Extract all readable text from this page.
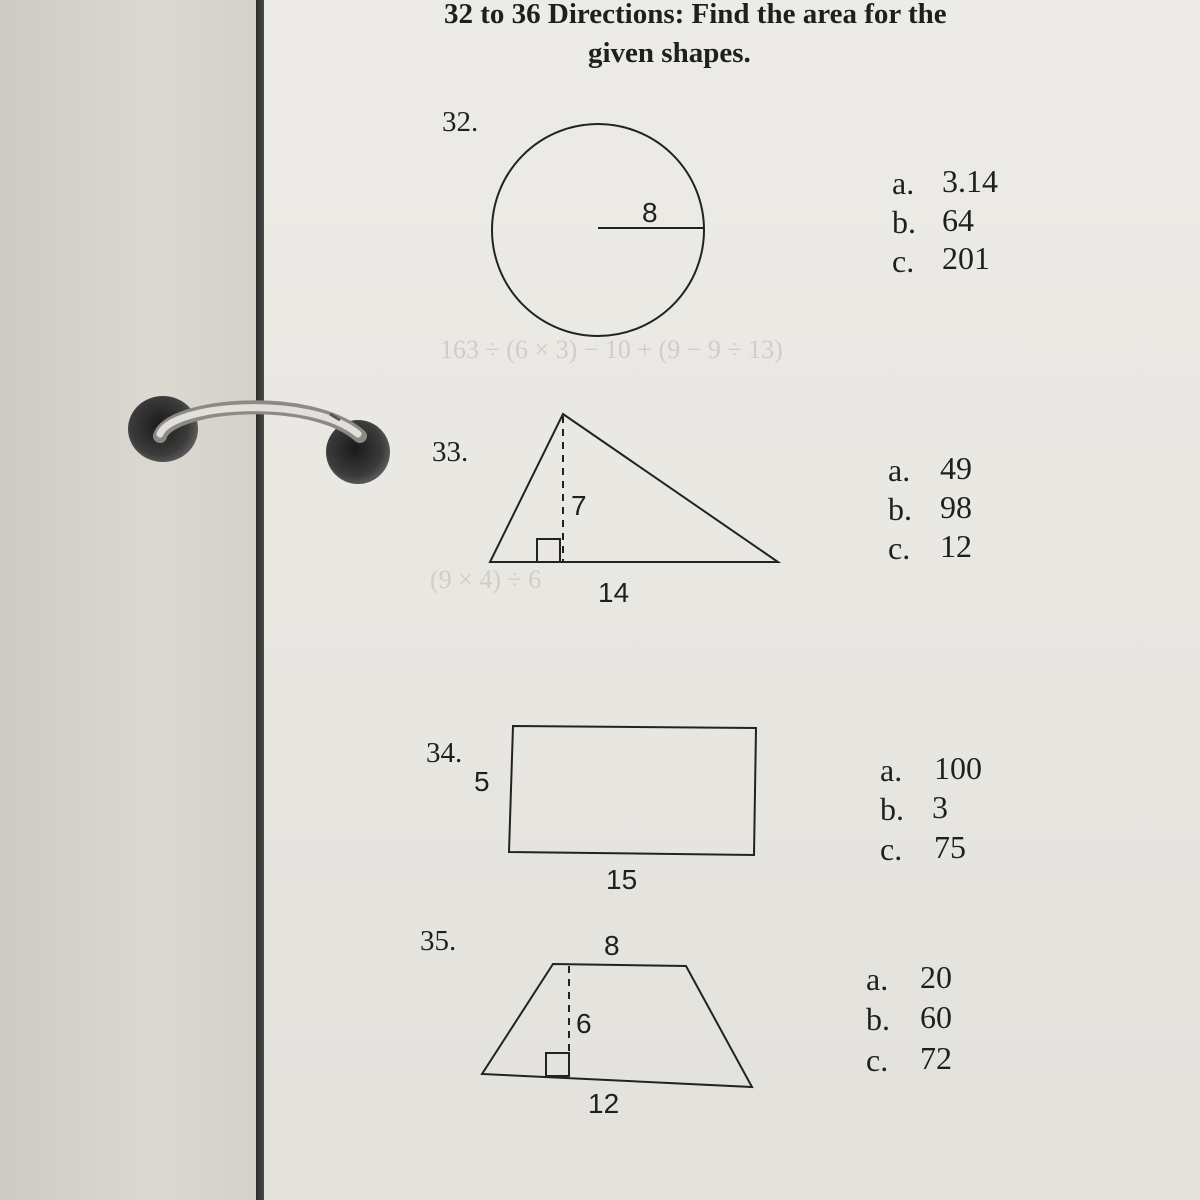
163 ÷ (6 × 3) − 10 + (9 − 9 ÷ 13)
(9 × 4) ÷ 6
32 to 36 Directions: Find the area for the
given shapes.
32.
8
a. 3.14
b. 64
c. 201
33.
7
14
a. 49
b. 98
c. 12
34.
5
15
a. 100
b. 3
c. 75
35.	8
6
12
a. 20
b. 60
c. 72
